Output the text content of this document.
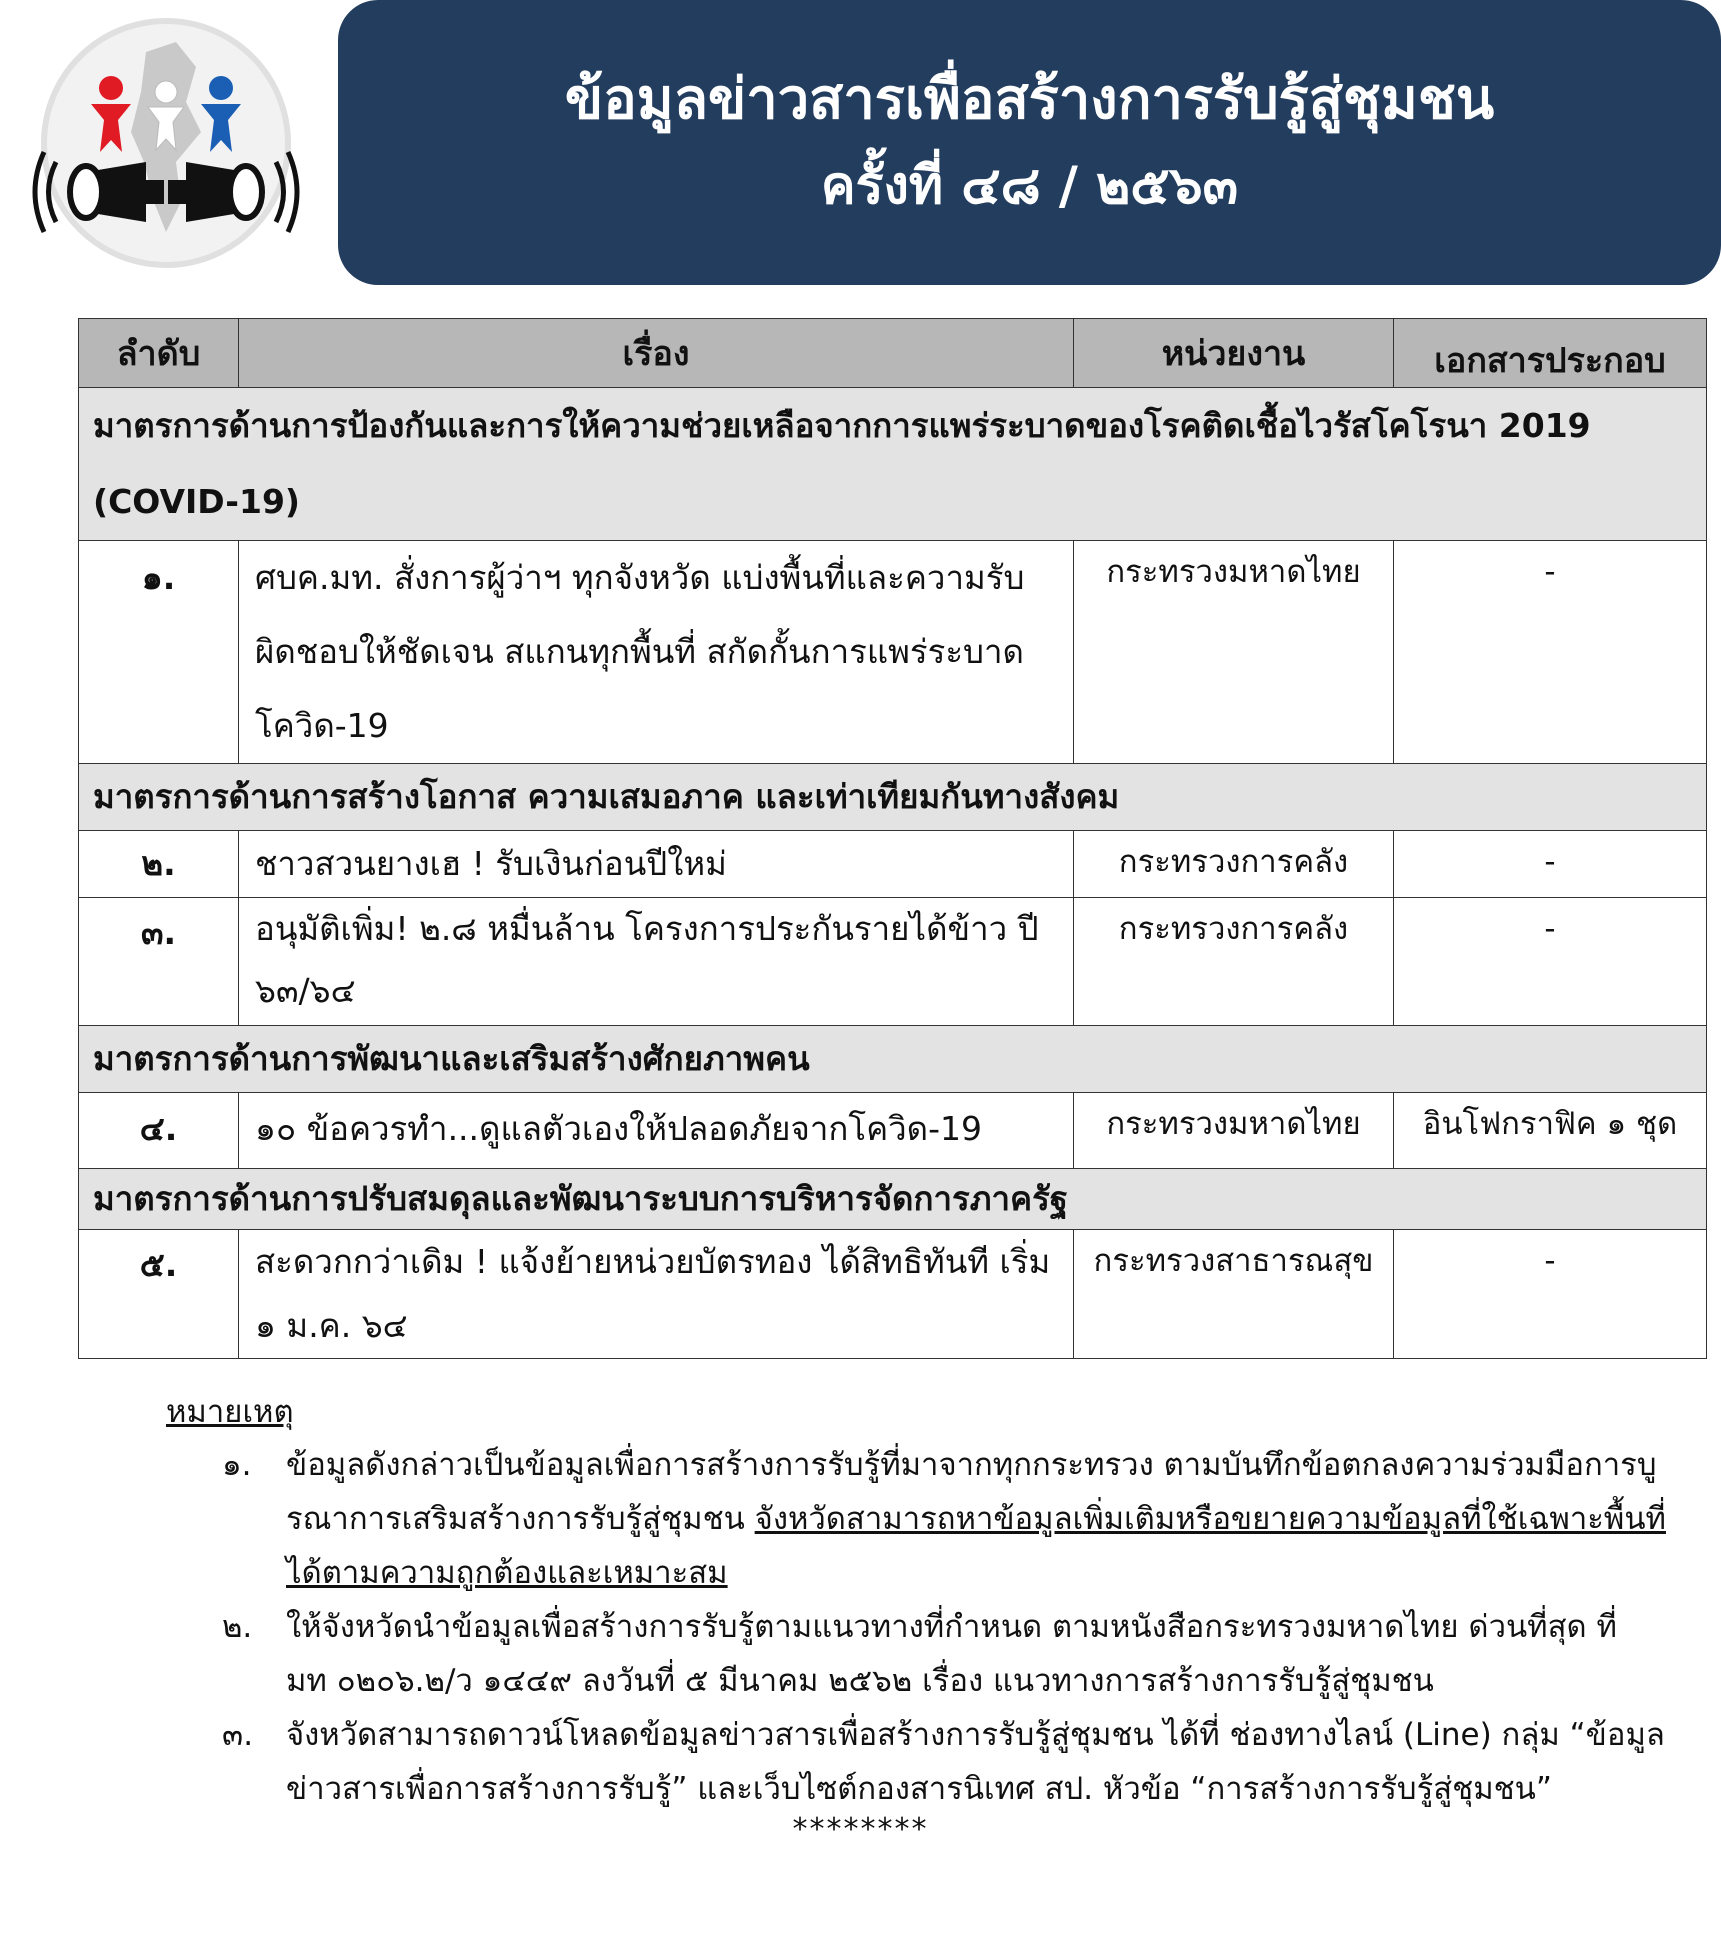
ข้อมูลข่าวสารเพื่อสร้างการรับรู้สู่ชุมชน
ครั้งที่ ๔๘ / ๒๕๖๓
ลำดับ	เรื่อง	หน่วยงาน	เอกสารประกอบ
มาตรการด้านการป้องกันและการให้ความช่วยเหลือจากการแพร่ระบาดของโรคติดเชื้อไวรัสโคโรนา 2019 (COVID-19)			
๑.	ศบค.มท. สั่งการผู้ว่าฯ ทุกจังหวัด แบ่งพื้นที่และความรับผิดชอบให้ชัดเจน สแกนทุกพื้นที่ สกัดกั้นการแพร่ระบาดโควิด-19	กระทรวงมหาดไทย	-
มาตรการด้านการสร้างโอกาส ความเสมอภาค และเท่าเทียมกันทางสังคม			
๒.	ชาวสวนยางเฮ ! รับเงินก่อนปีใหม่	กระทรวงการคลัง	-
๓.	อนุมัติเพิ่ม! ๒.๘ หมื่นล้าน โครงการประกันรายได้ข้าว ปี ๖๓/๖๔	กระทรวงการคลัง	-
มาตรการด้านการพัฒนาและเสริมสร้างศักยภาพคน			
๔.	๑๐ ข้อควรทำ...ดูแลตัวเองให้ปลอดภัยจากโควิด-19	กระทรวงมหาดไทย	อินโฟกราฟิค ๑ ชุด
มาตรการด้านการปรับสมดุลและพัฒนาระบบการบริหารจัดการภาครัฐ			
๕.	สะดวกกว่าเดิม ! แจ้งย้ายหน่วยบัตรทอง ได้สิทธิทันที เริ่ม ๑ ม.ค. ๖๔	กระทรวงสาธารณสุข	-
หมายเหตุ
๑.	ข้อมูลดังกล่าวเป็นข้อมูลเพื่อการสร้างการรับรู้ที่มาจากทุกกระทรวง ตามบันทึกข้อตกลงความร่วมมือการบูรณาการเสริมสร้างการรับรู้สู่ชุมชน จังหวัดสามารถหาข้อมูลเพิ่มเติมหรือขยายความข้อมูลที่ใช้เฉพาะพื้นที่ได้ตามความถูกต้องและเหมาะสม
๒.	ให้จังหวัดนำข้อมูลเพื่อสร้างการรับรู้ตามแนวทางที่กำหนด ตามหนังสือกระทรวงมหาดไทย ด่วนที่สุด ที่ มท ๐๒๐๖.๒/ว ๑๔๔๙ ลงวันที่ ๕ มีนาคม ๒๕๖๒ เรื่อง แนวทางการสร้างการรับรู้สู่ชุมชน
๓.	จังหวัดสามารถดาวน์โหลดข้อมูลข่าวสารเพื่อสร้างการรับรู้สู่ชุมชน ได้ที่ ช่องทางไลน์ (Line) กลุ่ม “ข้อมูลข่าวสารเพื่อการสร้างการรับรู้” และเว็บไซต์กองสารนิเทศ สป. หัวข้อ “การสร้างการรับรู้สู่ชุมชน”
********
